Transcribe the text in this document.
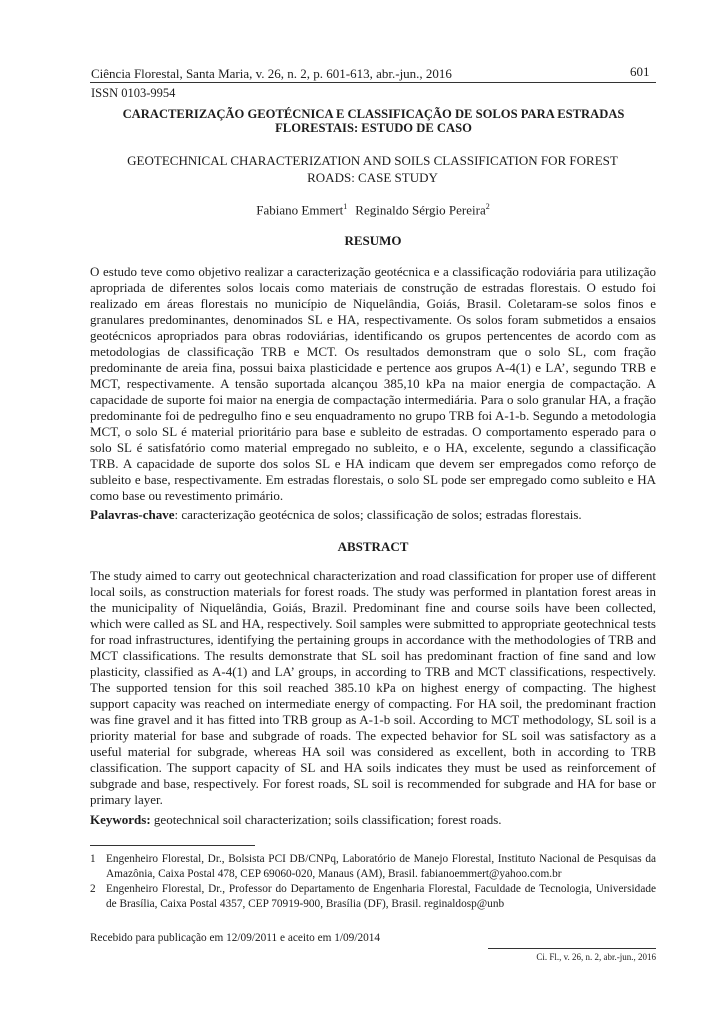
Ciência Florestal, Santa Maria, v. 26, n. 2, p. 601-613, abr.-jun., 2016	601
ISSN 0103-9954
CARACTERIZAÇÃO GEOTÉCNICA E CLASSIFICAÇÃO DE SOLOS PARA ESTRADAS FLORESTAIS: ESTUDO DE CASO
GEOTECHNICAL CHARACTERIZATION AND SOILS CLASSIFICATION FOR FOREST ROADS: CASE STUDY
Fabiano Emmert$^1$ Reginaldo Sérgio Pereira$^2$
RESUMO

O estudo teve como objetivo realizar a caracterização geotécnica e a classificação rodoviária para utilização apropriada de diferentes solos locais como materiais de construção de estradas florestais. O estudo foi realizado em áreas florestais no município de Niquelândia, Goiás, Brasil. Coletaram-se solos finos e granulares predominantes, denominados SL e HA, respectivamente. Os solos foram submetidos a ensaios geotécnicos apropriados para obras rodoviárias, identificando os grupos pertencentes de acordo com as metodologias de classificação TRB e MCT. Os resultados demonstram que o solo SL, com fração predominante de areia fina, possui baixa plasticidade e pertence aos grupos A-4(1) e LA’, segundo TRB e MCT, respectivamente. A tensão suportada alcançou 385,10 kPa na maior energia de compactação. A capacidade de suporte foi maior na energia de compactação intermediária. Para o solo granular HA, a fração predominante foi de pedregulho fino e seu enquadramento no grupo TRB foi A-1-b. Segundo a metodologia MCT, o solo SL é material prioritário para base e subleito de estradas. O comportamento esperado para o solo SL é satisfatório como material empregado no subleito, e o HA, excelente, segundo a classificação TRB. A capacidade de suporte dos solos SL e HA indicam que devem ser empregados como reforço de subleito e base, respectivamente. Em estradas florestais, o solo SL pode ser empregado como subleito e HA como base ou revestimento primário.

Palavras-chave: caracterização geotécnica de solos; classificação de solos; estradas florestais.
ABSTRACT

The study aimed to carry out geotechnical characterization and road classification for proper use of different local soils, as construction materials for forest roads. The study was performed in plantation forest areas in the municipality of Niquelândia, Goiás, Brazil. Predominant fine and course soils have been collected, which were called as SL and HA, respectively. Soil samples were submitted to appropriate geotechnical tests for road infrastructures, identifying the pertaining groups in accordance with the methodologies of TRB and MCT classifications. The results demonstrate that SL soil has predominant fraction of fine sand and low plasticity, classified as A-4(1) and LA’ groups, in according to TRB and MCT classifications, respectively. The supported tension for this soil reached 385.10 kPa on highest energy of compacting. The highest support capacity was reached on intermediate energy of compacting. For HA soil, the predominant fraction was fine gravel and it has fitted into TRB group as A-1-b soil. According to MCT methodology, SL soil is a priority material for base and subgrade of roads. The expected behavior for SL soil was satisfactory as a useful material for subgrade, whereas HA soil was considered as excellent, both in according to TRB classification. The support capacity of SL and HA soils indicates they must be used as reinforcement of subgrade and base, respectively. For forest roads, SL soil is recommended for subgrade and HA for base or primary layer.

Keywords: geotechnical soil characterization; soils classification; forest roads.
1 Engenheiro Florestal, Dr., Bolsista PCI DB/CNPq, Laboratório de Manejo Florestal, Instituto Nacional de Pesquisas da Amazônia, Caixa Postal 478, CEP 69060-020, Manaus (AM), Brasil. fabianoemmert@yahoo.com.br
2 Engenheiro Florestal, Dr., Professor do Departamento de Engenharia Florestal, Faculdade de Tecnologia, Universidade de Brasília, Caixa Postal 4357, CEP 70919-900, Brasília (DF), Brasil. reginaldosp@unb
Recebido para publicação em 12/09/2011 e aceito em 1/09/2014
Ci. Fl., v. 26, n. 2, abr.-jun., 2016
